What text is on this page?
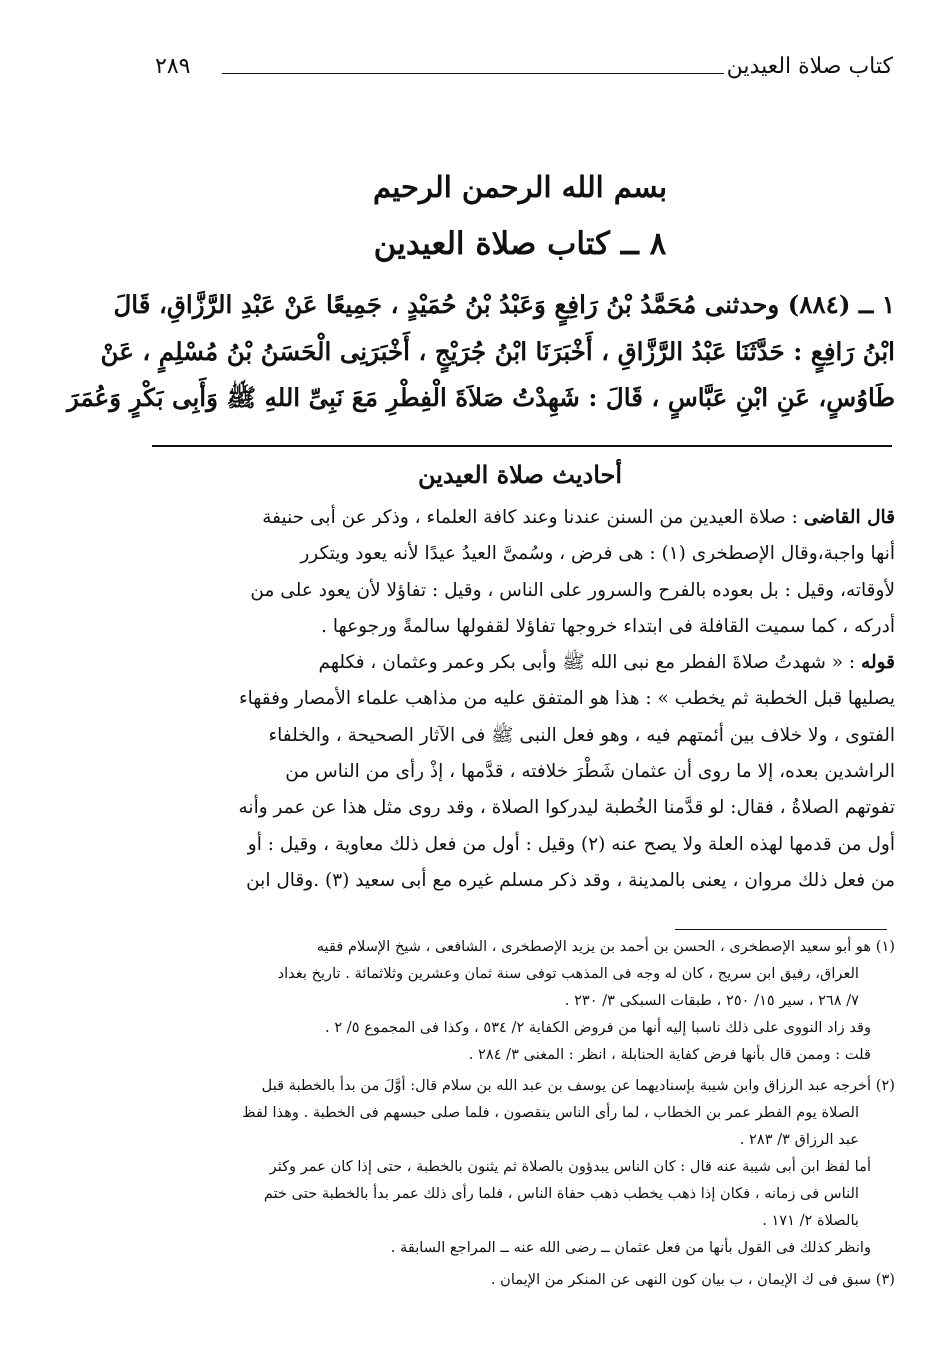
كتاب صلاة العيدين
٢٨٩
بسم الله الرحمن الرحيم
٨ ــ كتاب صلاة العيدين

١ ــ (٨٨٤) وحدثنى مُحَمَّدُ بْنُ رَافِعٍ وَعَبْدُ بْنُ حُمَيْدٍ ، جَمِيعًا عَنْ عَبْدِ الرَّزَّاقِ، قَالَ

ابْنُ رَافِعٍ : حَدَّثَنَا عَبْدُ الرَّزَّاقِ ، أَخْبَرَنَا ابْنُ جُرَيْجٍ ، أَخْبَرَنِى الْحَسَنُ بْنُ مُسْلِمٍ ، عَنْ

طَاوُسٍ، عَنِ ابْنِ عَبَّاسٍ ، قَالَ : شَهِدْتُ صَلاَةَ الْفِطْرِ مَعَ نَبِىِّ اللهِ ﷺ وَأَبِى بَكْرٍ وَعُمَرَ

أحاديث صلاة العيدين
قال القاضى : صلاة العيدين من السنن عندنا وعند كافة العلماء ، وذكر عن أبى حنيفة
أنها واجبة،وقال الإصطخرى (١) : هى فرض ، وسُمىَّ العيدُ عيدًا لأنه يعود ويتكرر
لأوقاته، وقيل : بل بعوده بالفرح والسرور على الناس ، وقيل : تفاؤلا لأن يعود على من
أدركه ، كما سميت القافلة فى ابتداء خروجها تفاؤلا لقفولها سالمةً ورجوعها .
قوله : « شهدتُ صلاةَ الفطر مع نبى الله ﷺ وأبى بكر وعمر وعثمان ، فكلهم
يصليها قبل الخطبة ثم يخطب » : هذا هو المتفق عليه من مذاهب علماء الأمصار وفقهاء
الفتوى ، ولا خلاف بين أئمتهم فيه ، وهو فعل النبى ﷺ فى الآثار الصحيحة ، والخلفاء
الراشدين بعده، إلا ما روى أن عثمان شَطْرَ خلافته ، قدَّمها ، إذْ رأى من الناس من
تفوتهم الصلاةُ ، فقال: لو قدَّمنا الخُطبة ليدركوا الصلاة ، وقد روى مثل هذا عن عمر وأنه
أول من قدمها لهذه العلة ولا يصح عنه (٢) وقيل : أول من فعل ذلك معاوية ، وقيل : أو
من فعل ذلك مروان ، يعنى بالمدينة ، وقد ذكر مسلم غيره مع أبى سعيد (٣) .وقال ابن
(١) هو أبو سعيد الإصطخرى ، الحسن بن أحمد بن يزيد الإصطخرى ، الشافعى ، شيخ الإسلام فقيه
العراق، رفيق ابن سريج ، كان له وجه فى المذهب توفى سنة ثمان وعشرين وثلاثمائة . تاريخ بغداد
٧/ ٢٦٨ ، سير ١٥/ ٢٥٠ ، طبقات السبكى ٣/ ٢٣٠ .
وقد زاد النووى على ذلك ناسبا إليه أنها من فروض الكفاية ٢/ ٥٣٤ ، وكذا فى المجموع ٥/ ٢ .
قلت : وممن قال بأنها فرض كفاية الحنابلة ، انظر : المغنى ٣/ ٢٨٤ .
(٢) أخرجه عبد الرزاق وابن شيبة بإسناديهما عن يوسف بن عبد الله بن سلام قال: أوَّلَ من بدأ بالخطبة قبل
الصلاة يوم الفطر عمر بن الخطاب ، لما رأى الناس ينقصون ، فلما صلى حبسهم فى الخطبة . وهذا لفظ
عبد الرزاق ٣/ ٢٨٣ .
أما لفظ ابن أبى شيبة عنه قال : كان الناس يبدؤون بالصلاة ثم يثنون بالخطبة ، حتى إذا كان عمر وكثر
الناس فى زمانه ، فكان إذا ذهب يخطب ذهب حفاة الناس ، فلما رأى ذلك عمر بدأ بالخطبة حتى ختم
بالصلاة ٢/ ١٧١ .
وانظر كذلك فى القول بأنها من فعل عثمان ــ رضى الله عنه ــ المراجع السابقة .
(٣) سبق فى ك الإيمان ، ب بيان كون النهى عن المنكر من الإيمان .
